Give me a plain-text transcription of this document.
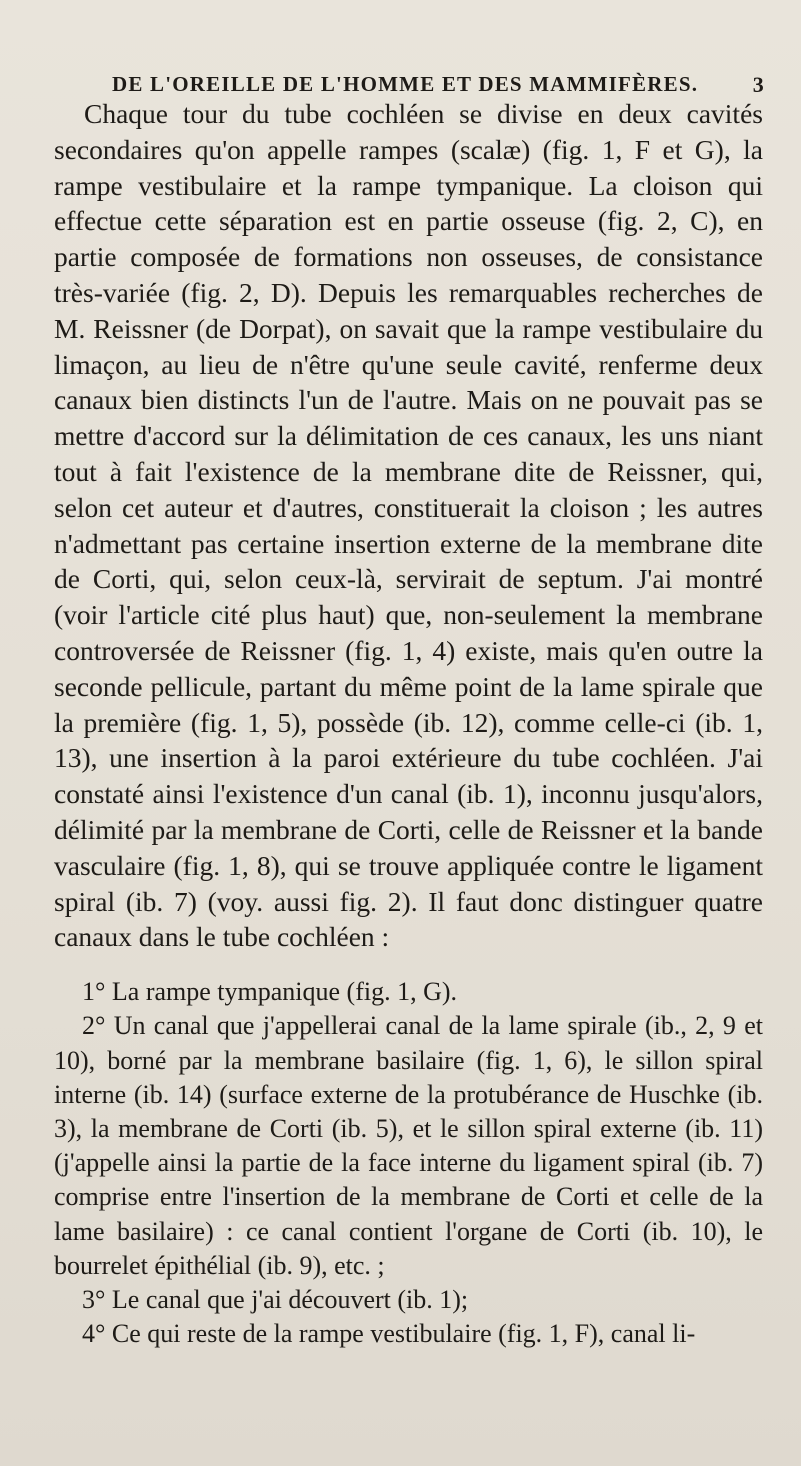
DE L'OREILLE DE L'HOMME ET DES MAMMIFÈRES. 3

Chaque tour du tube cochléen se divise en deux cavités secondaires qu'on appelle rampes (scalæ) (fig. 1, F et G), la rampe vestibulaire et la rampe tympanique. La cloison qui effectue cette séparation est en partie osseuse (fig. 2, C), en partie composée de formations non osseuses, de consistance très-variée (fig. 2, D). Depuis les remarquables recherches de M. Reissner (de Dorpat), on savait que la rampe vestibulaire du limaçon, au lieu de n'être qu'une seule cavité, renferme deux canaux bien distincts l'un de l'autre. Mais on ne pouvait pas se mettre d'accord sur la délimitation de ces canaux, les uns niant tout à fait l'existence de la membrane dite de Reissner, qui, selon cet auteur et d'autres, constituerait la cloison ; les autres n'admettant pas certaine insertion externe de la membrane dite de Corti, qui, selon ceux-là, servirait de septum. J'ai montré (voir l'article cité plus haut) que, non-seulement la membrane controversée de Reissner (fig. 1, 4) existe, mais qu'en outre la seconde pellicule, partant du même point de la lame spirale que la première (fig. 1, 5), possède (ib. 12), comme celle-ci (ib. 1, 13), une insertion à la paroi extérieure du tube cochléen. J'ai constaté ainsi l'existence d'un canal (ib. 1), inconnu jusqu'alors, délimité par la membrane de Corti, celle de Reissner et la bande vasculaire (fig. 1, 8), qui se trouve appliquée contre le ligament spiral (ib. 7) (voy. aussi fig. 2). Il faut donc distinguer quatre canaux dans le tube cochléen :

1° La rampe tympanique (fig. 1, G).

2° Un canal que j'appellerai canal de la lame spirale (ib., 2, 9 et 10), borné par la membrane basilaire (fig. 1, 6), le sillon spiral interne (ib. 14) (surface externe de la protubérance de Huschke (ib. 3), la membrane de Corti (ib. 5), et le sillon spiral externe (ib. 11) (j'appelle ainsi la partie de la face interne du ligament spiral (ib. 7) comprise entre l'insertion de la membrane de Corti et celle de la lame basilaire) : ce canal contient l'organe de Corti (ib. 10), le bourrelet épithélial (ib. 9), etc. ;

3° Le canal que j'ai découvert (ib. 1);

4° Ce qui reste de la rampe vestibulaire (fig. 1, F), canal li-
